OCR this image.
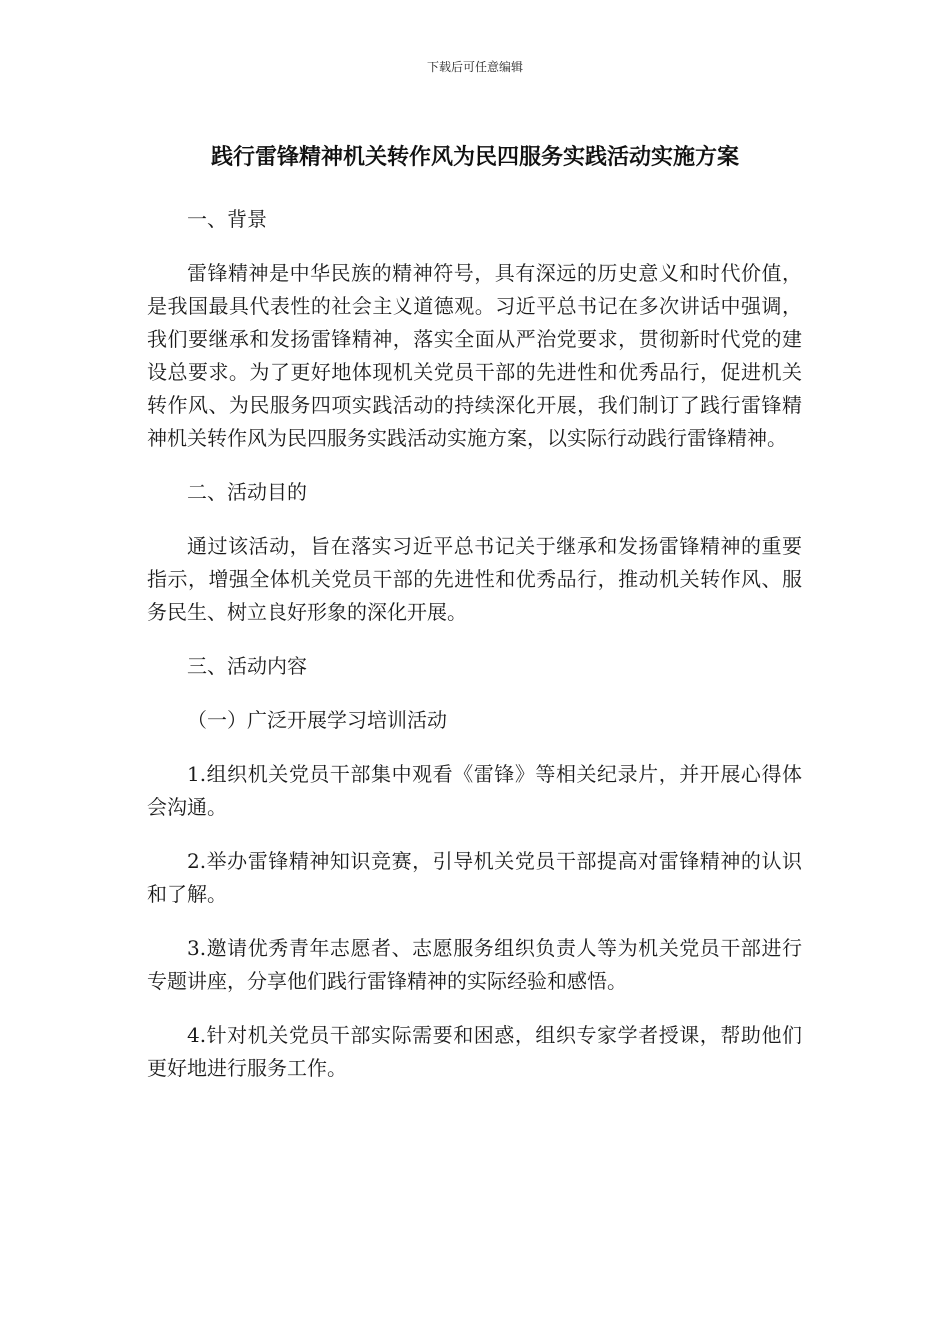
下载后可任意编辑
践行雷锋精神机关转作风为民四服务实践活动实施方案

一、背景

雷锋精神是中华民族的精神符号，具有深远的历史意义和时代价值，是我国最具代表性的社会主义道德观。习近平总书记在多次讲话中强调，我们要继承和发扬雷锋精神，落实全面从严治党要求，贯彻新时代党的建设总要求。为了更好地体现机关党员干部的先进性和优秀品行，促进机关转作风、为民服务四项实践活动的持续深化开展，我们制订了践行雷锋精神机关转作风为民四服务实践活动实施方案，以实际行动践行雷锋精神。

二、活动目的

通过该活动，旨在落实习近平总书记关于继承和发扬雷锋精神的重要指示，增强全体机关党员干部的先进性和优秀品行，推动机关转作风、服务民生、树立良好形象的深化开展。

三、活动内容

（一）广泛开展学习培训活动

1.组织机关党员干部集中观看《雷锋》等相关纪录片，并开展心得体会沟通。

2.举办雷锋精神知识竞赛，引导机关党员干部提高对雷锋精神的认识和了解。

3.邀请优秀青年志愿者、志愿服务组织负责人等为机关党员干部进行专题讲座，分享他们践行雷锋精神的实际经验和感悟。

4.针对机关党员干部实际需要和困惑，组织专家学者授课，帮助他们更好地进行服务工作。
